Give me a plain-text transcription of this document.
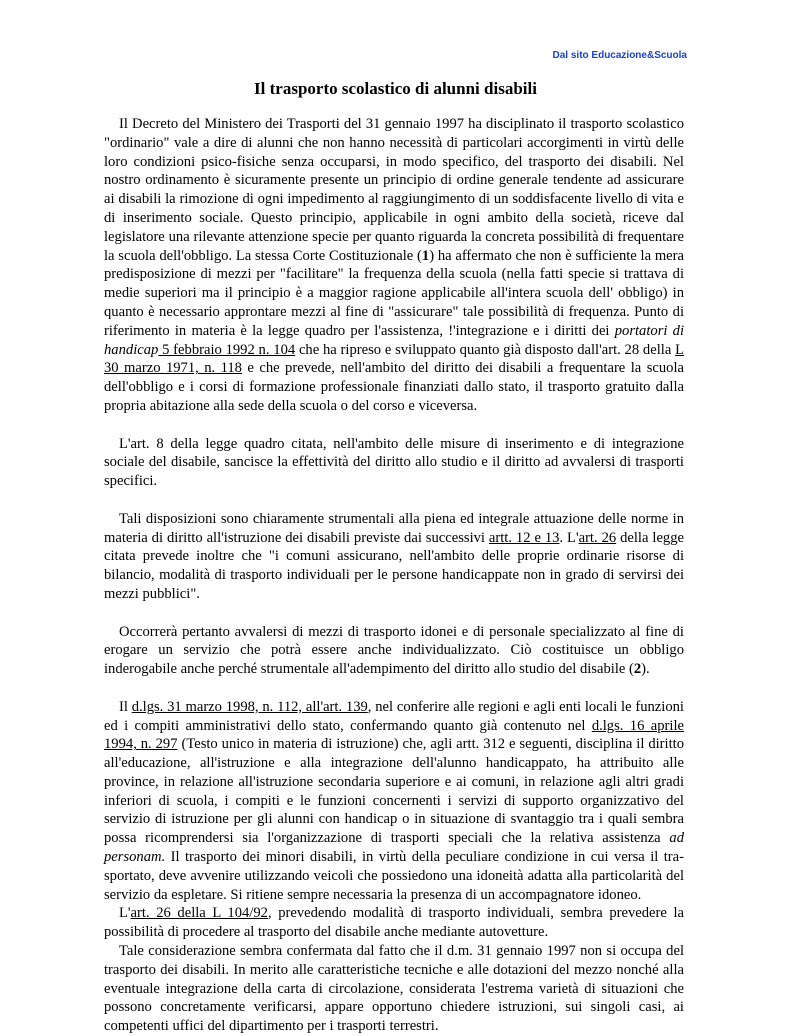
Dal sito Educazione&Scuola
Il trasporto scolastico di alunni disabili

Il Decreto del Ministero dei Trasporti del 31 gennaio 1997 ha disciplinato il trasporto scolastico "ordinario" vale a dire di alunni che non hanno necessità di particolari accorgimenti in virtù delle loro condizioni psico-fisiche senza occuparsi, in modo specifico, del trasporto dei disabili. Nel nostro ordinamento è sicuramente presente un principio di ordine generale tendente ad assicurare ai disabili la rimozione di ogni impedimento al raggiungimento di un soddisfacente livello di vita e di inserimento sociale. Questo principio, applicabile in ogni ambito della società, riceve dal legislatore una rilevante attenzione specie per quanto riguarda la concreta possibilità di frequentare la scuola dell'obbligo. La stessa Corte Costituzionale (1) ha affermato che non è sufficiente la mera predisposizione di mezzi per "facilitare" la frequenza della scuola (nella fatti specie si trattava di medie superiori ma il principio è a maggior ragione applicabile all'intera scuola dell' obbligo) in quanto è necessario approntare mezzi al fine di "assicurare" tale possibilità di frequenza. Punto di riferimento in materia è la legge quadro per l'assistenza, !'integrazione e i diritti dei portatori di handicap 5 febbraio 1992 n. 104 che ha ripreso e sviluppato quanto già disposto dall'art. 28 della L 30 marzo 1971, n. 118 e che prevede, nell'ambito del diritto dei disabili a frequentare la scuola dell'obbligo e i corsi di formazione professionale finanziati dallo stato, il trasporto gratuito dalla propria abitazione alla sede della scuola o del corso e viceversa.

L'art. 8 della legge quadro citata, nell'ambito delle misure di inserimento e di integrazione sociale del disabile, sancisce la effettività del diritto allo studio e il diritto ad avvalersi di trasporti specifici.

Tali disposizioni sono chiaramente strumentali alla piena ed integrale attuazione delle norme in materia di diritto all'istruzione dei disabili previste dai successivi artt. 12 e 13. L'art. 26 della legge citata prevede inoltre che "i comuni assicurano, nell'ambito delle proprie ordinarie risorse di bilancio, modalità di trasporto individuali per le persone handicappate non in grado di servirsi dei mezzi pubblici".

Occorrerà pertanto avvalersi di mezzi di trasporto idonei e di personale specializzato al fine di erogare un servizio che potrà essere anche individualizzato. Ciò costituisce un obbligo inderogabile anche perché strumentale all'adempimento del diritto allo studio del disabile (2).

Il d.lgs. 31 marzo 1998, n. 112, all'art. 139, nel conferire alle regioni e agli enti locali le funzioni ed i compiti amministrativi dello stato, confermando quanto già contenuto nel d.lgs. 16 aprile 1994, n. 297 (Testo unico in materia di istruzione) che, agli artt. 312 e seguenti, disciplina il diritto all'educazione, all'istruzione e alla integrazione dell'alunno handicappato, ha attribuito alle province, in relazione all'istruzione secondaria superiore e ai comuni, in relazione agli altri gradi inferiori di scuola, i compiti e le funzioni concernenti i servizi di supporto organizzativo del servizio di istruzione per gli alunni con handicap o in situazione di svantaggio tra i quali sembra possa ricomprendersi sia l'organizzazione di trasporti speciali che la relativa assistenza ad personam. Il trasporto dei minori disabili, in virtù della peculiare condizione in cui versa il tra-sportato, deve avvenire utilizzando veicoli che possiedono una idoneità adatta alla particolarità del servizio da espletare. Si ritiene sempre necessaria la presenza di un accompagnatore idoneo.

L'art. 26 della L 104/92, prevedendo modalità di trasporto individuali, sembra prevedere la possibilità di procedere al trasporto del disabile anche mediante autovetture.

Tale considerazione sembra confermata dal fatto che il d.m. 31 gennaio 1997 non si occupa del trasporto dei disabili. In merito alle caratteristiche tecniche e alle dotazioni del mezzo nonché alla eventuale integrazione della carta di circolazione, considerata l'estrema varietà di situazioni che possono concretamente verificarsi, appare opportuno chiedere istruzioni, sui singoli casi, ai competenti uffici del dipartimento per i trasporti terrestri.
